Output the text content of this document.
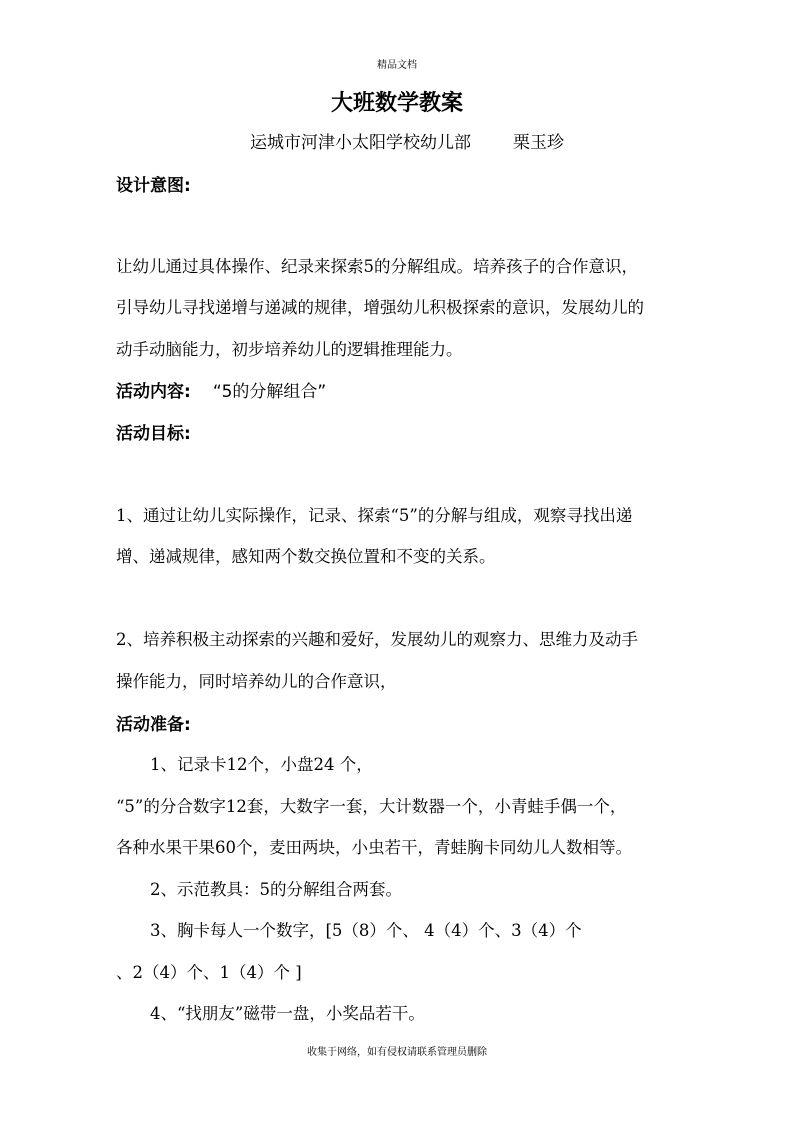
精品文档
大班数学教案
运城市河津小太阳学校幼儿部 栗玉珍
设计意图:
让幼儿通过具体操作、纪录来探索5的分解组成。培养孩子的合作意识，
引导幼儿寻找递增与递减的规律，增强幼儿积极探索的意识，发展幼儿的
动手动脑能力，初步培养幼儿的逻辑推理能力。
活动内容: “5的分解组合”
活动目标:
1、通过让幼儿实际操作，记录、探索“5”的分解与组成，观察寻找出递
增、递减规律，感知两个数交换位置和不变的关系。
2、培养积极主动探索的兴趣和爱好，发展幼儿的观察力、思维力及动手
操作能力，同时培养幼儿的合作意识，
活动准备:
1、记录卡12个，小盘24 个，
“5”的分合数字12套，大数字一套，大计数器一个，小青蛙手偶一个，
各种水果干果60个，麦田两块，小虫若干，青蛙胸卡同幼儿人数相等。
2、示范教具：5的分解组合两套。
3、胸卡每人一个数字，[5（8）个、 4（4）个、3（4）个
、2（4）个、1（4）个 ]
4、“找朋友”磁带一盘，小奖品若干。
收集于网络，如有侵权请联系管理员删除
